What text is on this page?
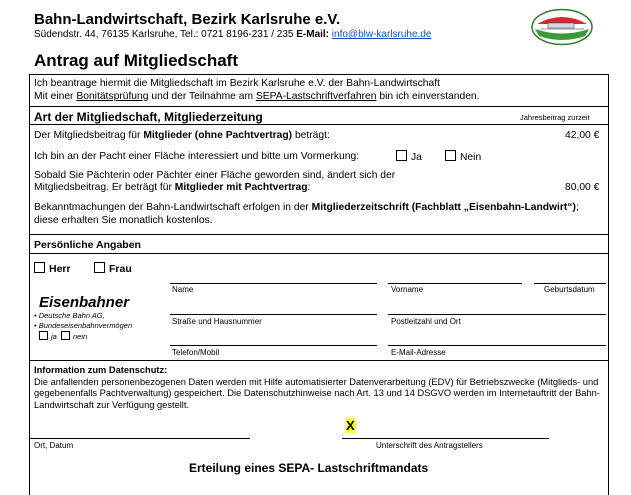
Bahn-Landwirtschaft, Bezirk Karlsruhe e.V.
Südendstr. 44, 76135 Karlsruhe, Tel.: 0721 8196-231 / 235 E-Mail: info@blw-karlsruhe.de
Antrag auf Mitgliedschaft
Ich beantrage hiermit die Mitgliedschaft im Bezirk Karlsruhe e.V. der Bahn-Landwirtschaft
Mit einer Bonitätsprüfung und der Teilnahme am SEPA-Lastschriftverfahren bin ich einverstanden.
Art der Mitgliedschaft, Mitgliederzeitung	Jahresbeitrag zurzeit
Der Mitgliedsbeitrag für Mitglieder (ohne Pachtvertrag) beträgt:	42,00 €
Ich bin an der Pacht einer Fläche interessiert und bitte um Vormerkung:	Ja	Nein
Sobald Sie Pächterin oder Pächter einer Fläche geworden sind, ändert sich der
Mitgliedsbeitrag. Er beträgt für Mitglieder mit Pachtvertrag:	80,00 €
Bekanntmachungen der Bahn-Landwirtschaft erfolgen in der Mitgliederzeitschrift (Fachblatt „Eisenbahn-Landwirt“);
diese erhalten Sie monatlich kostenlos.
Persönliche Angaben
Herr	Frau
Name	Vorname	Geburtsdatum
Eisenbahner
• Deutsche Bahn AG,
• Bundeseisenbahnvermögen
ja nein
Straße und Hausnummer	Postleitzahl und Ort
Telefon/Mobil	E-Mail-Adresse
Information zum Datenschutz:
Die anfallenden personenbezogenen Daten werden mit Hilfe automatisierter Datenverarbeitung (EDV) für Betriebszwecke (Mitglieds- und gegebenenfalls Pachtverwaltung) gespeichert. Die Datenschutzhinweise nach Art. 13 und 14 DSGVO werden im Internetauftritt der Bahn-Landwirtschaft zur Verfügung gestellt.
X
Ort, Datum	Unterschrift des Antragstellers
Erteilung eines SEPA- Lastschriftmandats
